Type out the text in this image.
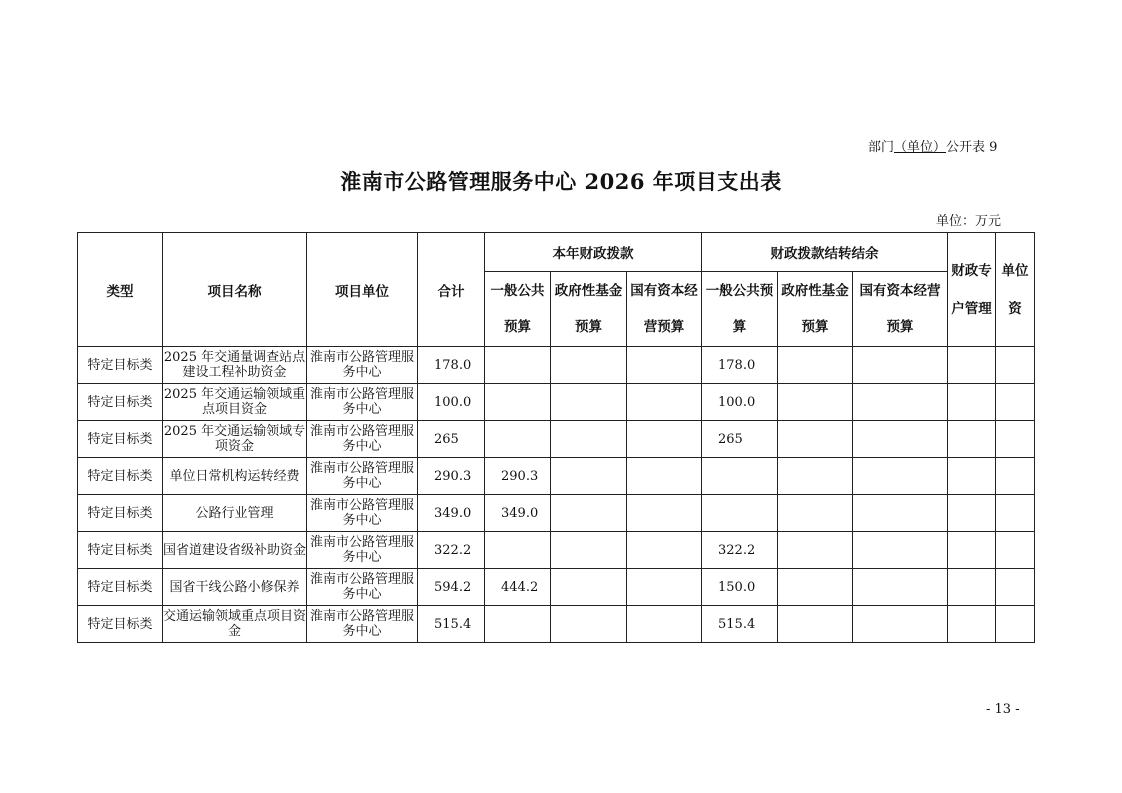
部门（单位）公开表 9
淮南市公路管理服务中心 2026 年项目支出表
单位：万元
类型	项目名称	项目单位	合计	本年财政拨款			财政拨款结转结余			财政专户管理	单位资
				一般公共预算	政府性基金预算	国有资本经营预算	一般公共预算	政府性基金预算	国有资本经营预算		
特定目标类	2025 年交通量调查站点建设工程补助资金	淮南市公路管理服务中心	178.0				178.0				
特定目标类	2025 年交通运输领域重点项目资金	淮南市公路管理服务中心	100.0				100.0				
特定目标类	2025 年交通运输领域专项资金	淮南市公路管理服务中心	265				265				
特定目标类	单位日常机构运转经费	淮南市公路管理服务中心	290.3	290.3							
特定目标类	公路行业管理	淮南市公路管理服务中心	349.0	349.0							
特定目标类	国省道建设省级补助资金	淮南市公路管理服务中心	322.2				322.2				
特定目标类	国省干线公路小修保养	淮南市公路管理服务中心	594.2	444.2			150.0				
特定目标类	交通运输领域重点项目资金	淮南市公路管理服务中心	515.4				515.4				
- 13 -
